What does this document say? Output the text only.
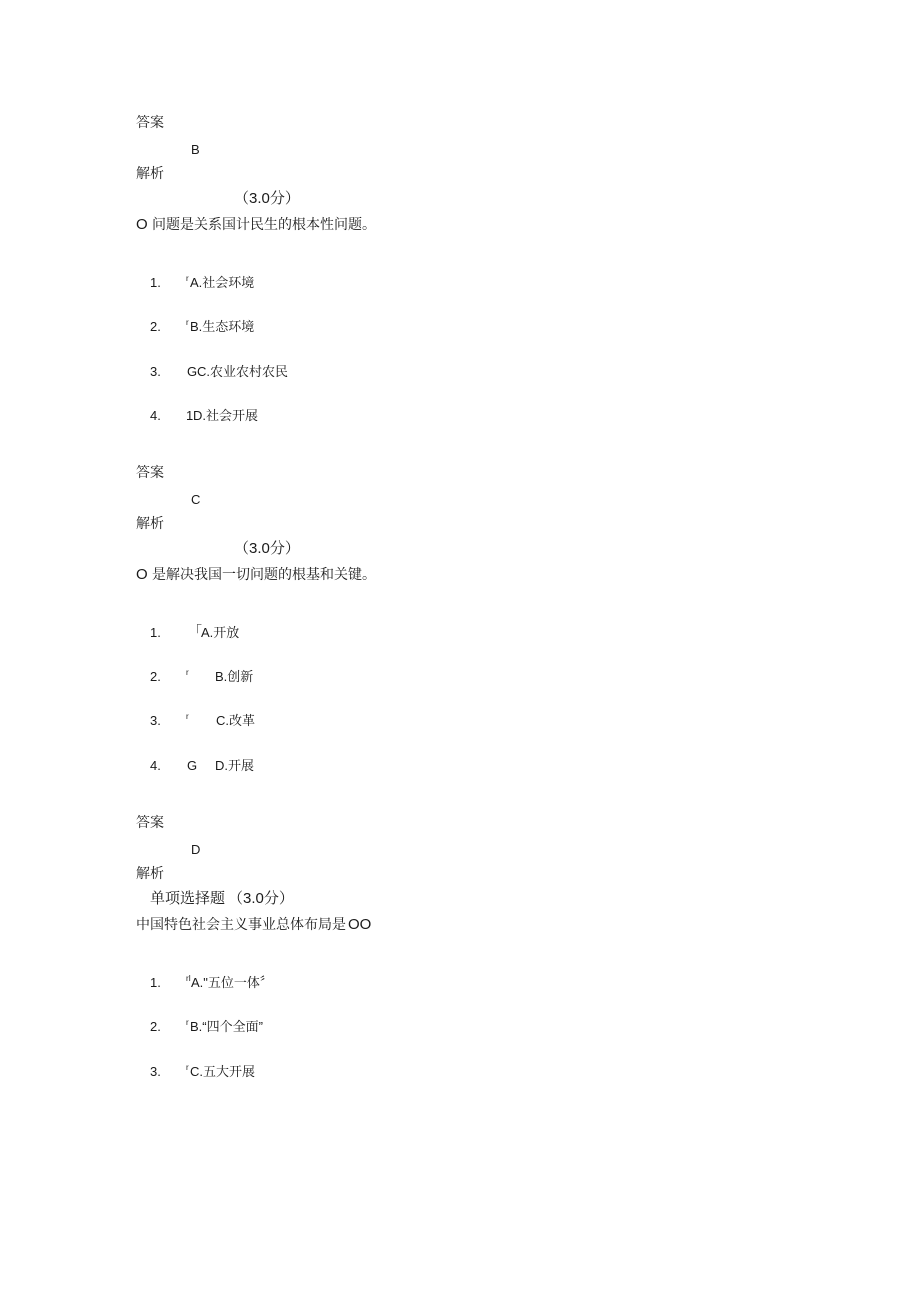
答案
B
解析
（3.0分）
O 问题是关系国计民生的根本性问题。
1.	r A.社会环境
2.	r B.生态环境
3. G C.农业农村农民
4. 1 D.社会开展
答案
C
解析
（3.0分）
O 是解决我国一切问题的根基和关键。
1. 「 A.开放
2.	r B.创新
3.	r C.改革
4. G D.开展
答案
D
解析
单项选择题 （3.0分）
中国特色社会主义事业总体布局是 OO
1.	rI A."五位一体〞
2.	r B.“四个全面”
3.	r C.五大开展
